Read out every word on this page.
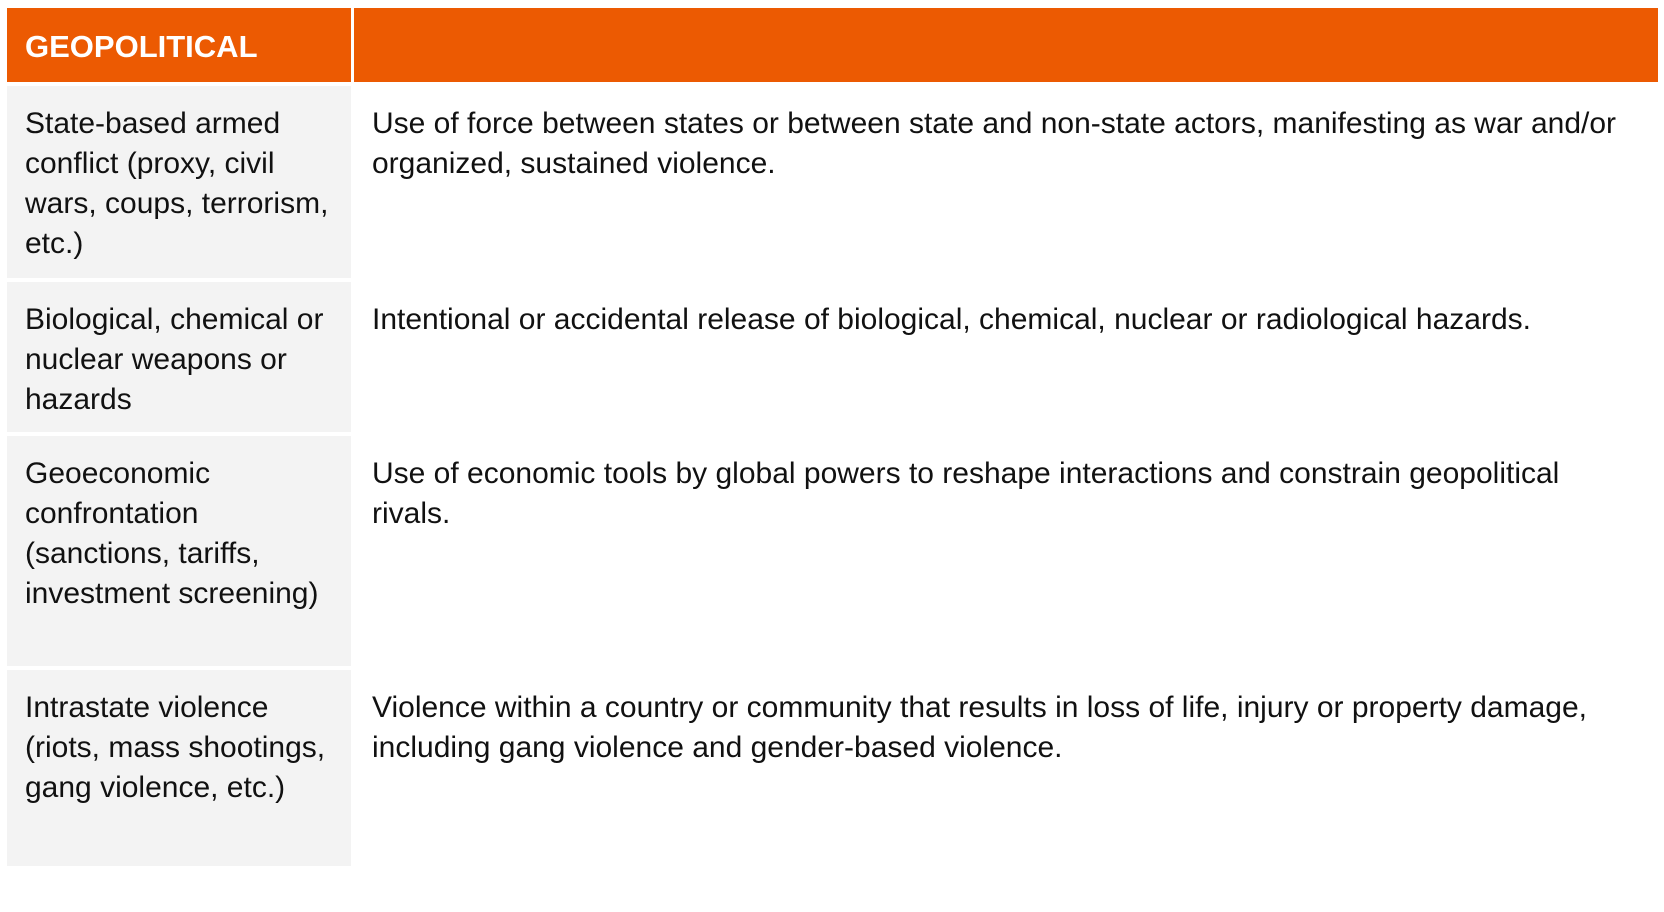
GEOPOLITICAL
State-based armed conflict (proxy, civil wars, coups, terrorism, etc.)
Use of force between states or between state and non-state actors, manifesting as war and/or organized, sustained violence.
Biological, chemical or nuclear weapons or hazards
Intentional or accidental release of biological, chemical, nuclear or radiological hazards.
Geoeconomic confrontation (sanctions, tariffs, investment screening)
Use of economic tools by global powers to reshape interactions and constrain geopolitical rivals.
Intrastate violence (riots, mass shootings, gang violence, etc.)
Violence within a country or community that results in loss of life, injury or property damage, including gang violence and gender-based violence.
